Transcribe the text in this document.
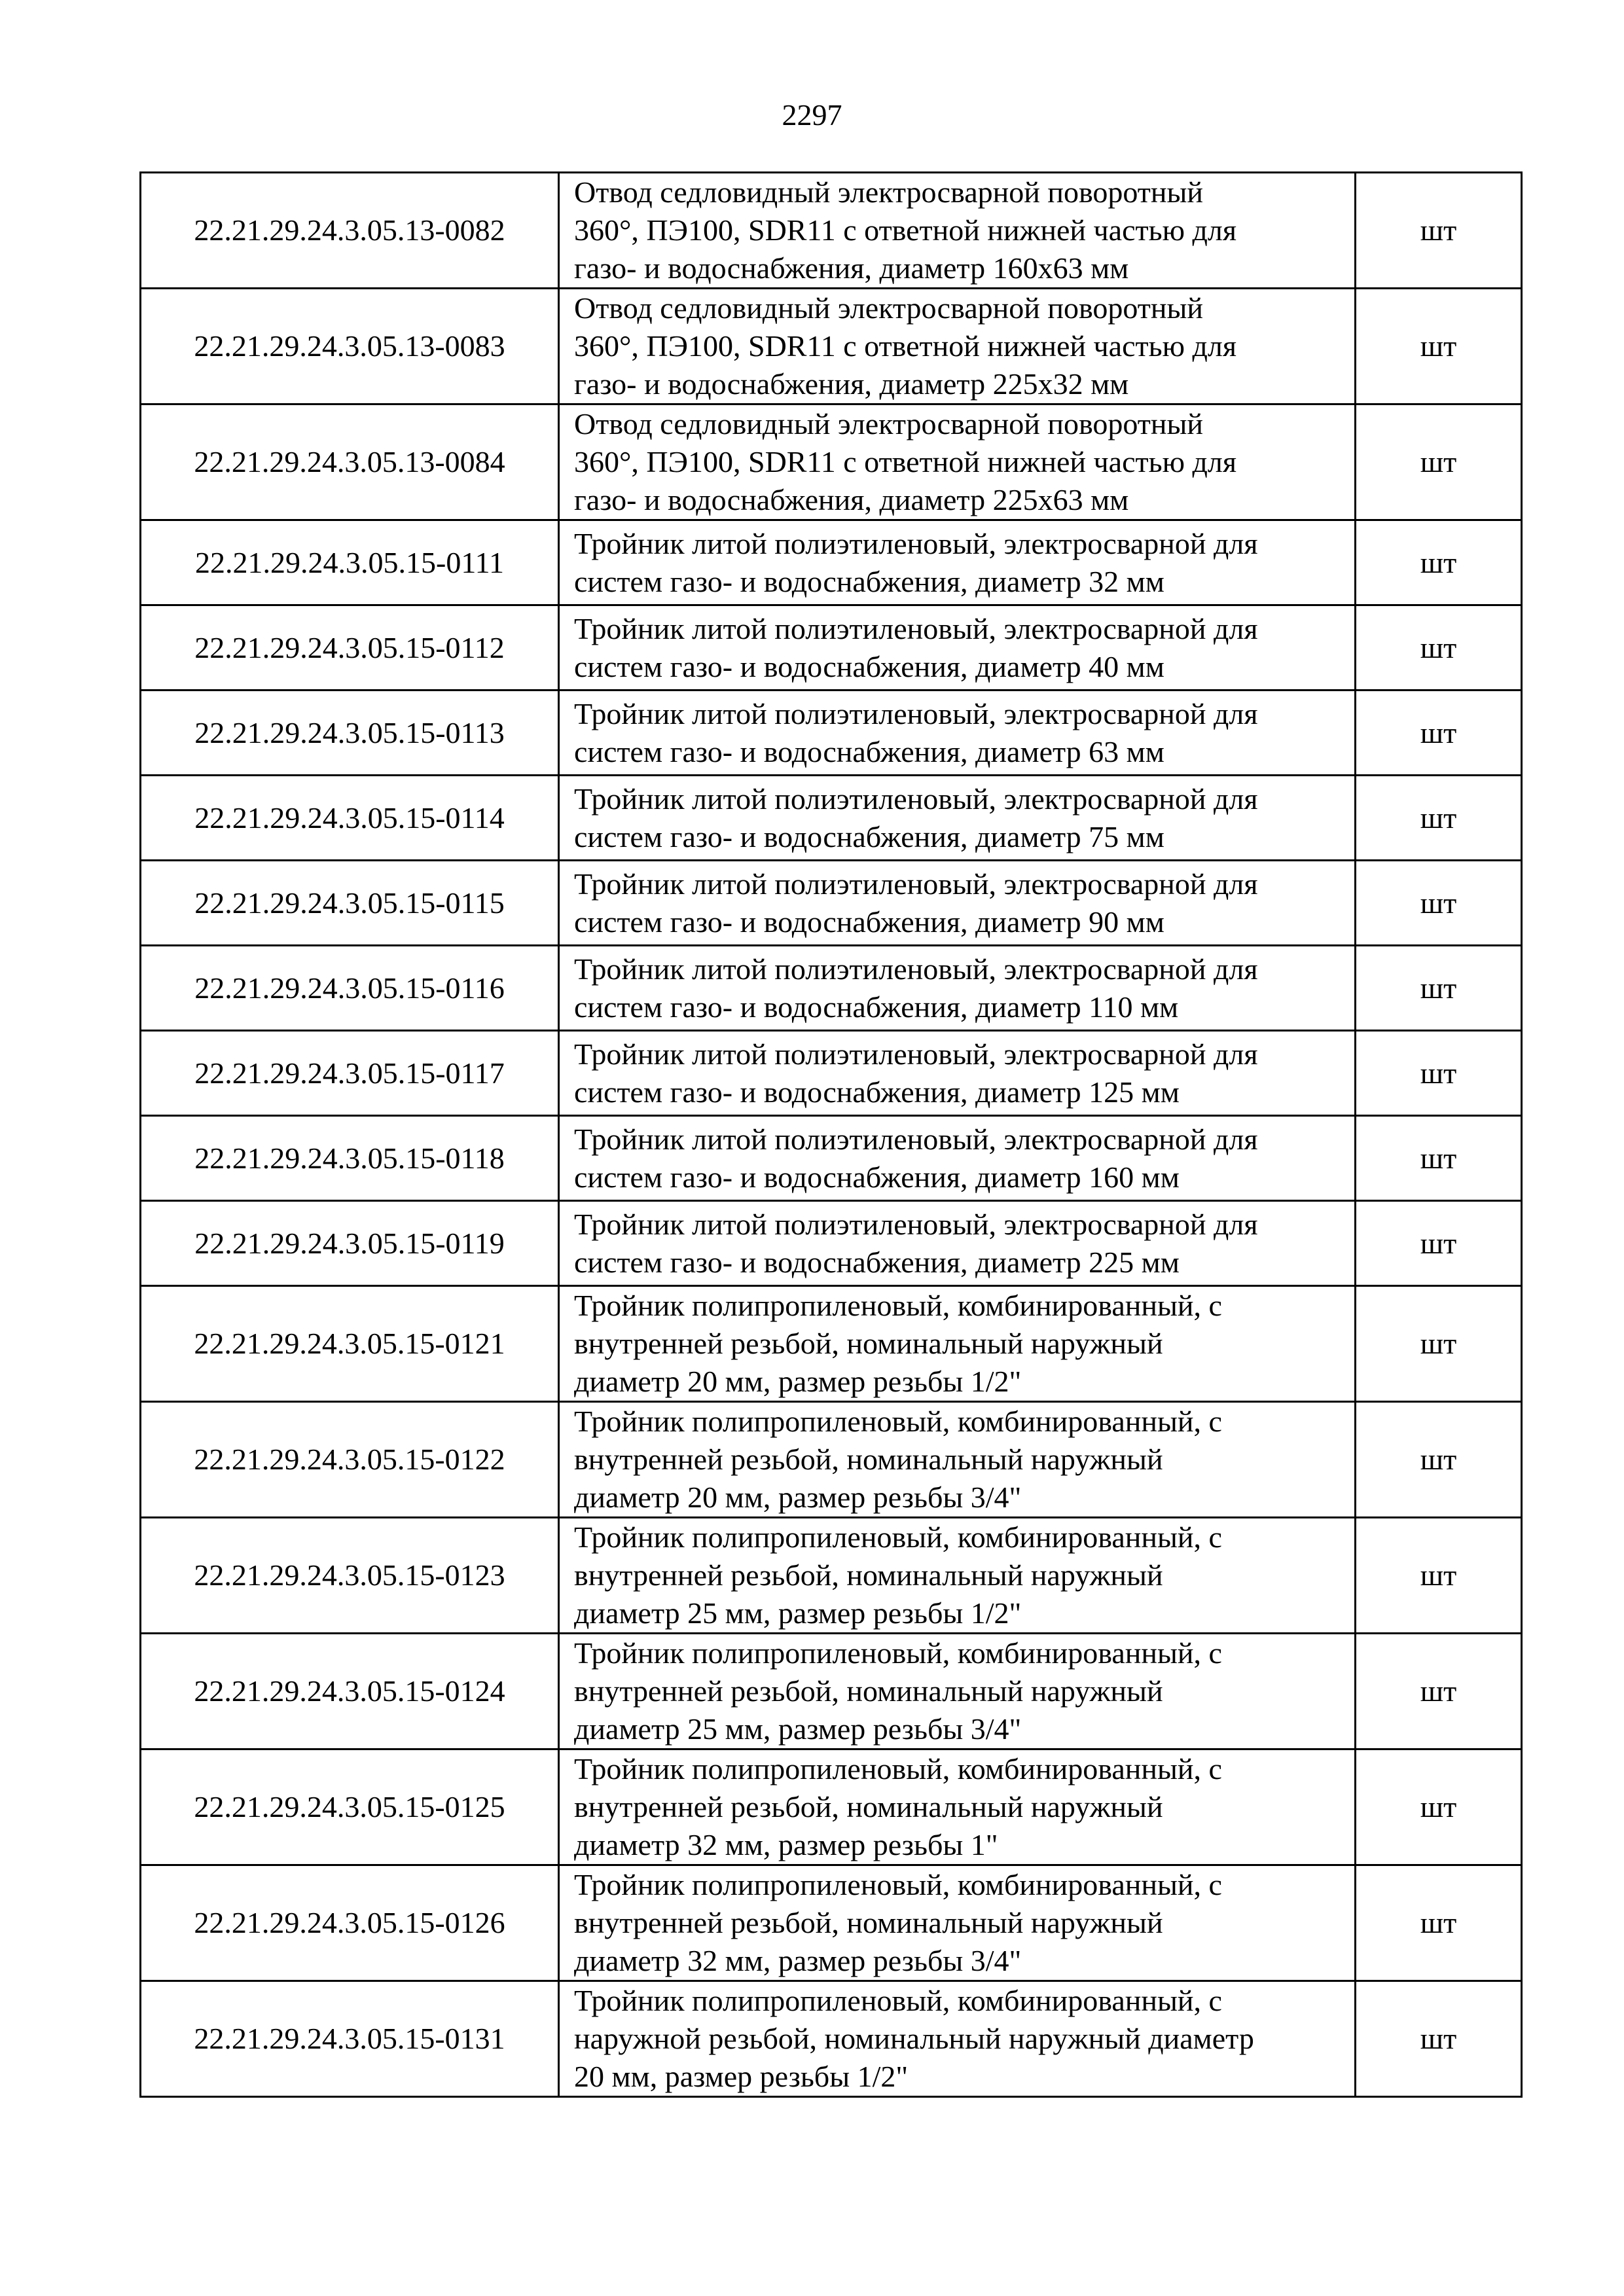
2297
22.21.29.24.3.05.13-0082	Отвод седловидный электросварной поворотный
360°, ПЭ100, SDR11 с ответной нижней частью для
газо- и водоснабжения, диаметр 160х63 мм	шт
22.21.29.24.3.05.13-0083	Отвод седловидный электросварной поворотный
360°, ПЭ100, SDR11 с ответной нижней частью для
газо- и водоснабжения, диаметр 225х32 мм	шт
22.21.29.24.3.05.13-0084	Отвод седловидный электросварной поворотный
360°, ПЭ100, SDR11 с ответной нижней частью для
газо- и водоснабжения, диаметр 225х63 мм	шт
22.21.29.24.3.05.15-0111	Тройник литой полиэтиленовый, электросварной для
систем газо- и водоснабжения, диаметр 32 мм	шт
22.21.29.24.3.05.15-0112	Тройник литой полиэтиленовый, электросварной для
систем газо- и водоснабжения, диаметр 40 мм	шт
22.21.29.24.3.05.15-0113	Тройник литой полиэтиленовый, электросварной для
систем газо- и водоснабжения, диаметр 63 мм	шт
22.21.29.24.3.05.15-0114	Тройник литой полиэтиленовый, электросварной для
систем газо- и водоснабжения, диаметр 75 мм	шт
22.21.29.24.3.05.15-0115	Тройник литой полиэтиленовый, электросварной для
систем газо- и водоснабжения, диаметр 90 мм	шт
22.21.29.24.3.05.15-0116	Тройник литой полиэтиленовый, электросварной для
систем газо- и водоснабжения, диаметр 110 мм	шт
22.21.29.24.3.05.15-0117	Тройник литой полиэтиленовый, электросварной для
систем газо- и водоснабжения, диаметр 125 мм	шт
22.21.29.24.3.05.15-0118	Тройник литой полиэтиленовый, электросварной для
систем газо- и водоснабжения, диаметр 160 мм	шт
22.21.29.24.3.05.15-0119	Тройник литой полиэтиленовый, электросварной для
систем газо- и водоснабжения, диаметр 225 мм	шт
22.21.29.24.3.05.15-0121	Тройник полипропиленовый, комбинированный, с
внутренней резьбой, номинальный наружный
диаметр 20 мм, размер резьбы 1/2"	шт
22.21.29.24.3.05.15-0122	Тройник полипропиленовый, комбинированный, с
внутренней резьбой, номинальный наружный
диаметр 20 мм, размер резьбы 3/4"	шт
22.21.29.24.3.05.15-0123	Тройник полипропиленовый, комбинированный, с
внутренней резьбой, номинальный наружный
диаметр 25 мм, размер резьбы 1/2"	шт
22.21.29.24.3.05.15-0124	Тройник полипропиленовый, комбинированный, с
внутренней резьбой, номинальный наружный
диаметр 25 мм, размер резьбы 3/4"	шт
22.21.29.24.3.05.15-0125	Тройник полипропиленовый, комбинированный, с
внутренней резьбой, номинальный наружный
диаметр 32 мм, размер резьбы 1"	шт
22.21.29.24.3.05.15-0126	Тройник полипропиленовый, комбинированный, с
внутренней резьбой, номинальный наружный
диаметр 32 мм, размер резьбы 3/4"	шт
22.21.29.24.3.05.15-0131	Тройник полипропиленовый, комбинированный, с
наружной резьбой, номинальный наружный диаметр
20 мм, размер резьбы 1/2"	шт
